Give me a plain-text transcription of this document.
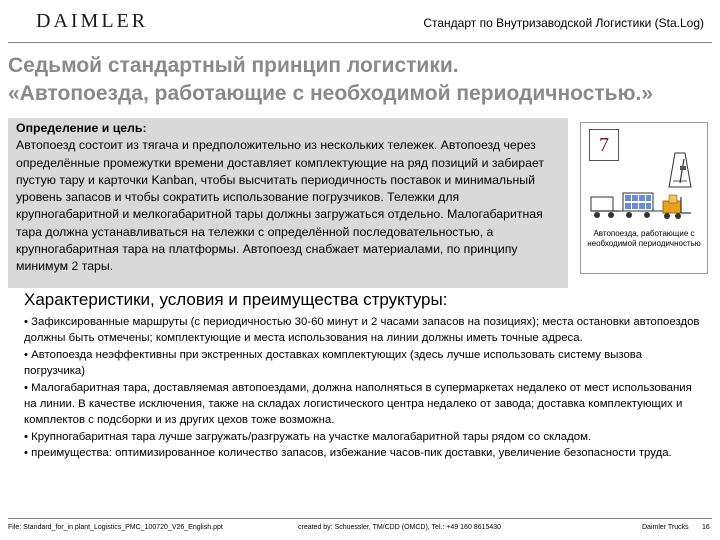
DAIMLER	Стандарт по Внутризаводской Логистики (Sta.Log)
Седьмой стандартный принцип логистики.
«Автопоезда, работающие с необходимой периодичностью.»
Определение и цель:
Автопоезд состоит из тягача и предположительно из нескольких тележек. Автопоезд через определённые промежутки времени доставляет комплектующие на ряд позиций и забирает пустую тару и карточки Kanban, чтобы высчитать периодичность поставок и минимальный уровень запасов и чтобы сократить использование погрузчиков. Тележки для крупногабаритной и мелкогабаритной тары должны загружаться отдельно. Малогабаритная тара должна устанавливаться на тележки с определённой последовательностью, а крупногабаритная тара на платформы. Автопоезд снабжает материалами, по принципу минимум 2 тары.
7
Автопоезда, работающие с необходимой периодичностью
Характеристики, условия и преимущества структуры:

• Зафиксированные маршруты (с периодичностью 30-60 минут и 2 часами запасов на позициях); места остановки автопоездов должны быть отмечены; комплектующие и места использования на линии должны иметь точные адреса.

• Автопоезда неэффективны при экстренных доставках комплектующих (здесь лучше использовать систему вызова погрузчика)

• Малогабаритная тара, доставляемая автопоездами, должна наполняться в супермаркетах недалеко от мест использования на линии. В качестве исключения, также на складах логистического центра недалеко от завода; доставка комплектующих и комплектов с подсборки и из других цехов тоже возможна.

• Крупногабаритная тара лучше загружать/разгружать на участке малогабаритной тары рядом со складом.

• преимущества: оптимизированное количество запасов, избежание часов-пик доставки, увеличение безопасности труда.

File: Standard_for_in plant_Logistics_PMC_100720_V26_English.ppt	created by: Schuessler, TM/CDD (OMCD), Tel.: +49 160 8615430	Daimler Trucks 16
